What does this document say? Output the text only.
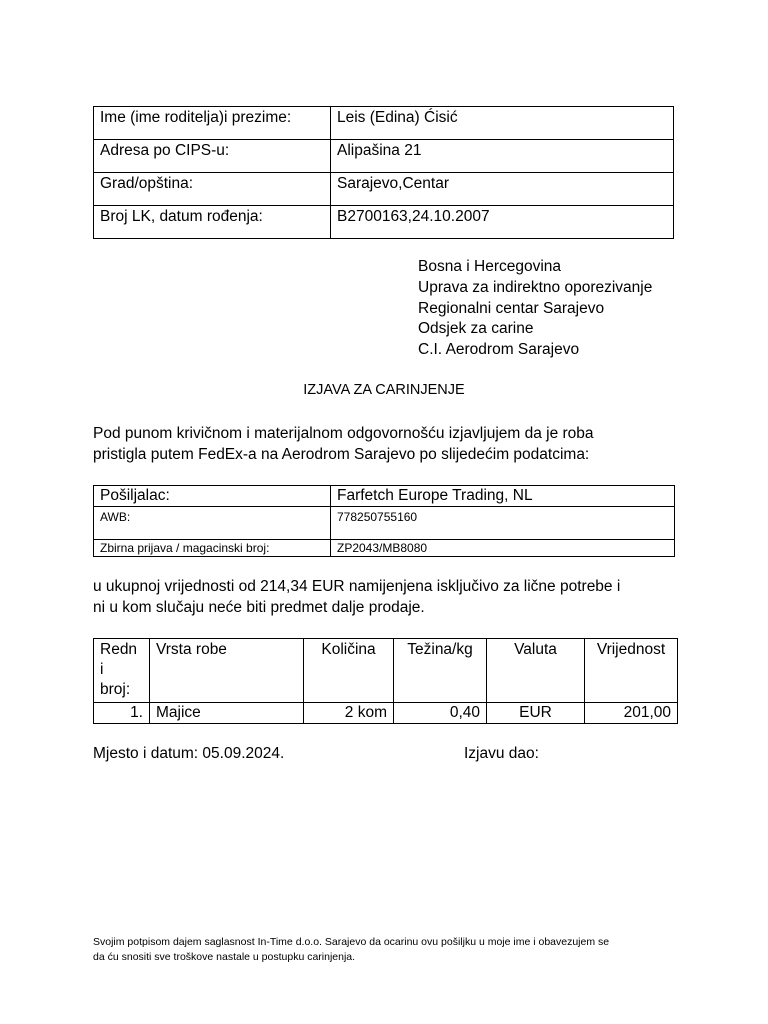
Ime (ime roditelja)i prezime:	Leis (Edina) Ćisić
Adresa po CIPS-u:	Alipašina 21
Grad/opština:	Sarajevo,Centar
Broj LK, datum rođenja:	B2700163,24.10.2007
Bosna i Hercegovina
Uprava za indirektno oporezivanje
Regionalni centar Sarajevo
Odsjek za carine
C.I. Aerodrom Sarajevo
IZJAVA ZA CARINJENJE
Pod punom krivičnom i materijalnom odgovornošću izjavljujem da je roba
pristigla putem FedEx-a na Aerodrom Sarajevo po slijedećim podatcima:
Pošiljalac:	Farfetch Europe Trading, NL
AWB:	778250755160
Zbirna prijava / magacinski broj:	ZP2043/MB8080
u ukupnoj vrijednosti od 214,34 EUR namijenjena isključivo za lične potrebe i
ni u kom slučaju neće biti predmet dalje prodaje.
Redn
i
broj:	Vrsta robe	Količina	Težina/kg	Valuta	Vrijednost
1.	Majice	2 kom	0,40	EUR	201,00
Mjesto i datum: 05.09.2024.	Izjavu dao:
Svojim potpisom dajem saglasnost In-Time d.o.o. Sarajevo da ocarinu ovu pošiljku u moje ime i obavezujem se
da ću snositi sve troškove nastale u postupku carinjenja.
